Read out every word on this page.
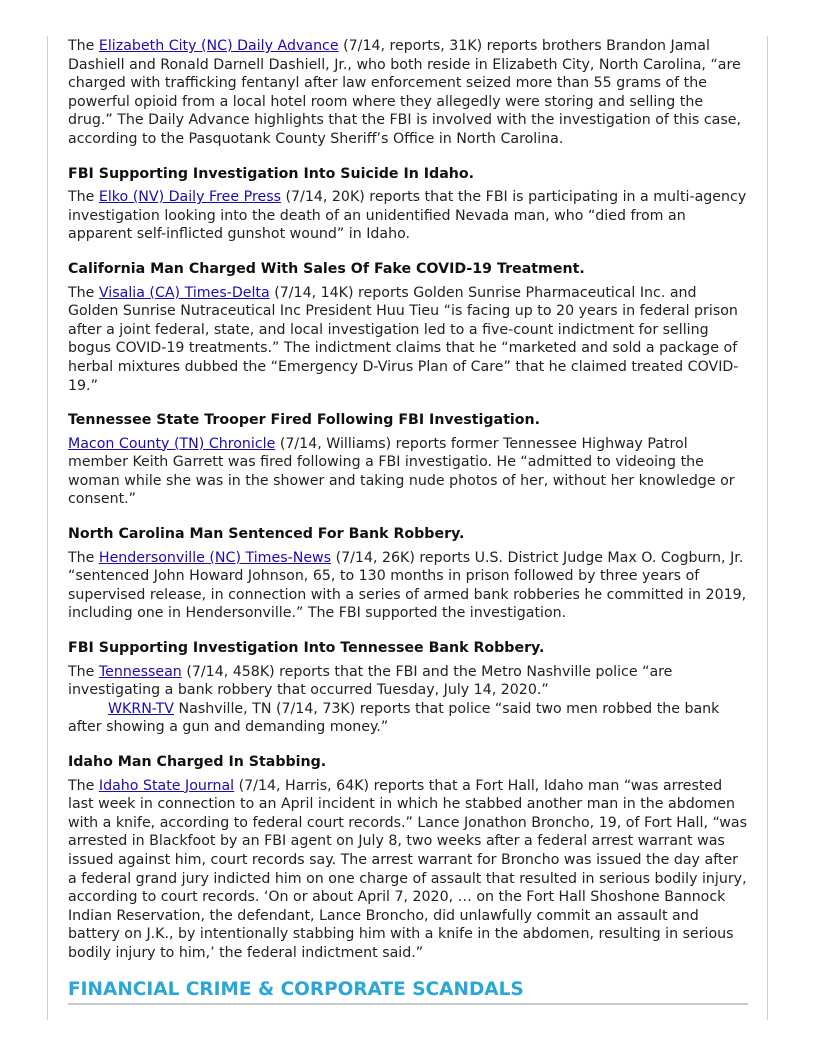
The Elizabeth City (NC) Daily Advance (7/14, reports, 31K) reports brothers Brandon Jamal Dashiell and Ronald Darnell Dashiell, Jr., who both reside in Elizabeth City, North Carolina, “are charged with trafficking fentanyl after law enforcement seized more than 55 grams of the powerful opioid from a local hotel room where they allegedly were storing and selling the drug.” The Daily Advance highlights that the FBI is involved with the investigation of this case, according to the Pasquotank County Sheriff’s Office in North Carolina.

FBI Supporting Investigation Into Suicide In Idaho.

The Elko (NV) Daily Free Press (7/14, 20K) reports that the FBI is participating in a multi-agency investigation looking into the death of an unidentified Nevada man, who “died from an apparent self-inflicted gunshot wound” in Idaho.

California Man Charged With Sales Of Fake COVID-19 Treatment.

The Visalia (CA) Times-Delta (7/14, 14K) reports Golden Sunrise Pharmaceutical Inc. and Golden Sunrise Nutraceutical Inc President Huu Tieu “is facing up to 20 years in federal prison after a joint federal, state, and local investigation led to a five-count indictment for selling bogus COVID-19 treatments.” The indictment claims that he “marketed and sold a package of herbal mixtures dubbed the “Emergency D-Virus Plan of Care” that he claimed treated COVID-19.”

Tennessee State Trooper Fired Following FBI Investigation.

Macon County (TN) Chronicle (7/14, Williams) reports former Tennessee Highway Patrol member Keith Garrett was fired following a FBI investigatio. He “admitted to videoing the woman while she was in the shower and taking nude photos of her, without her knowledge or consent.”

North Carolina Man Sentenced For Bank Robbery.

The Hendersonville (NC) Times-News (7/14, 26K) reports U.S. District Judge Max O. Cogburn, Jr. “sentenced John Howard Johnson, 65, to 130 months in prison followed by three years of supervised release, in connection with a series of armed bank robberies he committed in 2019, including one in Hendersonville.” The FBI supported the investigation.

FBI Supporting Investigation Into Tennessee Bank Robbery.

The Tennessean (7/14, 458K) reports that the FBI and the Metro Nashville police “are investigating a bank robbery that occurred Tuesday, July 14, 2020.”

WKRN-TV Nashville, TN (7/14, 73K) reports that police “said two men robbed the bank after showing a gun and demanding money.”

Idaho Man Charged In Stabbing.

The Idaho State Journal (7/14, Harris, 64K) reports that a Fort Hall, Idaho man “was arrested last week in connection to an April incident in which he stabbed another man in the abdomen with a knife, according to federal court records.” Lance Jonathon Broncho, 19, of Fort Hall, “was arrested in Blackfoot by an FBI agent on July 8, two weeks after a federal arrest warrant was issued against him, court records say. The arrest warrant for Broncho was issued the day after a federal grand jury indicted him on one charge of assault that resulted in serious bodily injury, according to court records. ‘On or about April 7, 2020, … on the Fort Hall Shoshone Bannock Indian Reservation, the defendant, Lance Broncho, did unlawfully commit an assault and battery on J.K., by intentionally stabbing him with a knife in the abdomen, resulting in serious bodily injury to him,’ the federal indictment said.”

FINANCIAL CRIME & CORPORATE SCANDALS
